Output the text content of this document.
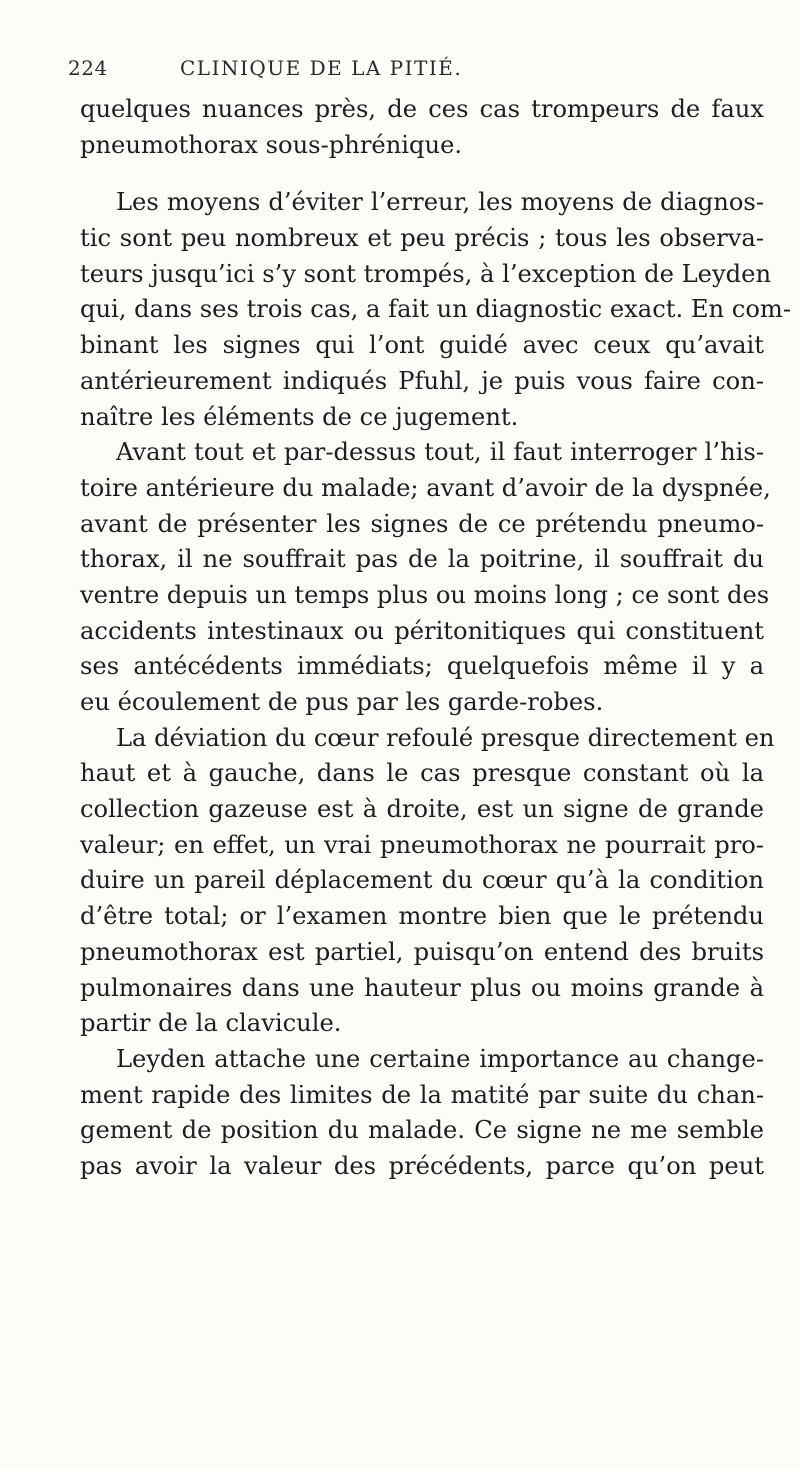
224	CLINIQUE DE LA PITIÉ.
quelques nuances près, de ces cas trompeurs de faux
pneumothorax sous-phrénique.
Les moyens d’éviter l’erreur, les moyens de diagnos-
tic sont peu nombreux et peu précis ; tous les observa-
teurs jusqu’ici s’y sont trompés, à l’exception de Leyden
qui, dans ses trois cas, a fait un diagnostic exact. En com-
binant les signes qui l’ont guidé avec ceux qu’avait
antérieurement indiqués Pfuhl, je puis vous faire con-
naître les éléments de ce jugement.
Avant tout et par-dessus tout, il faut interroger l’his-
toire antérieure du malade; avant d’avoir de la dyspnée,
avant de présenter les signes de ce prétendu pneumo-
thorax, il ne souffrait pas de la poitrine, il souffrait du
ventre depuis un temps plus ou moins long ; ce sont des
accidents intestinaux ou péritonitiques qui constituent
ses antécédents immédiats; quelquefois même il y a
eu écoulement de pus par les garde-robes.
La déviation du cœur refoulé presque directement en
haut et à gauche, dans le cas presque constant où la
collection gazeuse est à droite, est un signe de grande
valeur; en effet, un vrai pneumothorax ne pourrait pro-
duire un pareil déplacement du cœur qu’à la condition
d’être total; or l’examen montre bien que le prétendu
pneumothorax est partiel, puisqu’on entend des bruits
pulmonaires dans une hauteur plus ou moins grande à
partir de la clavicule.
Leyden attache une certaine importance au change-
ment rapide des limites de la matité par suite du chan-
gement de position du malade. Ce signe ne me semble
pas avoir la valeur des précédents, parce qu’on peut
